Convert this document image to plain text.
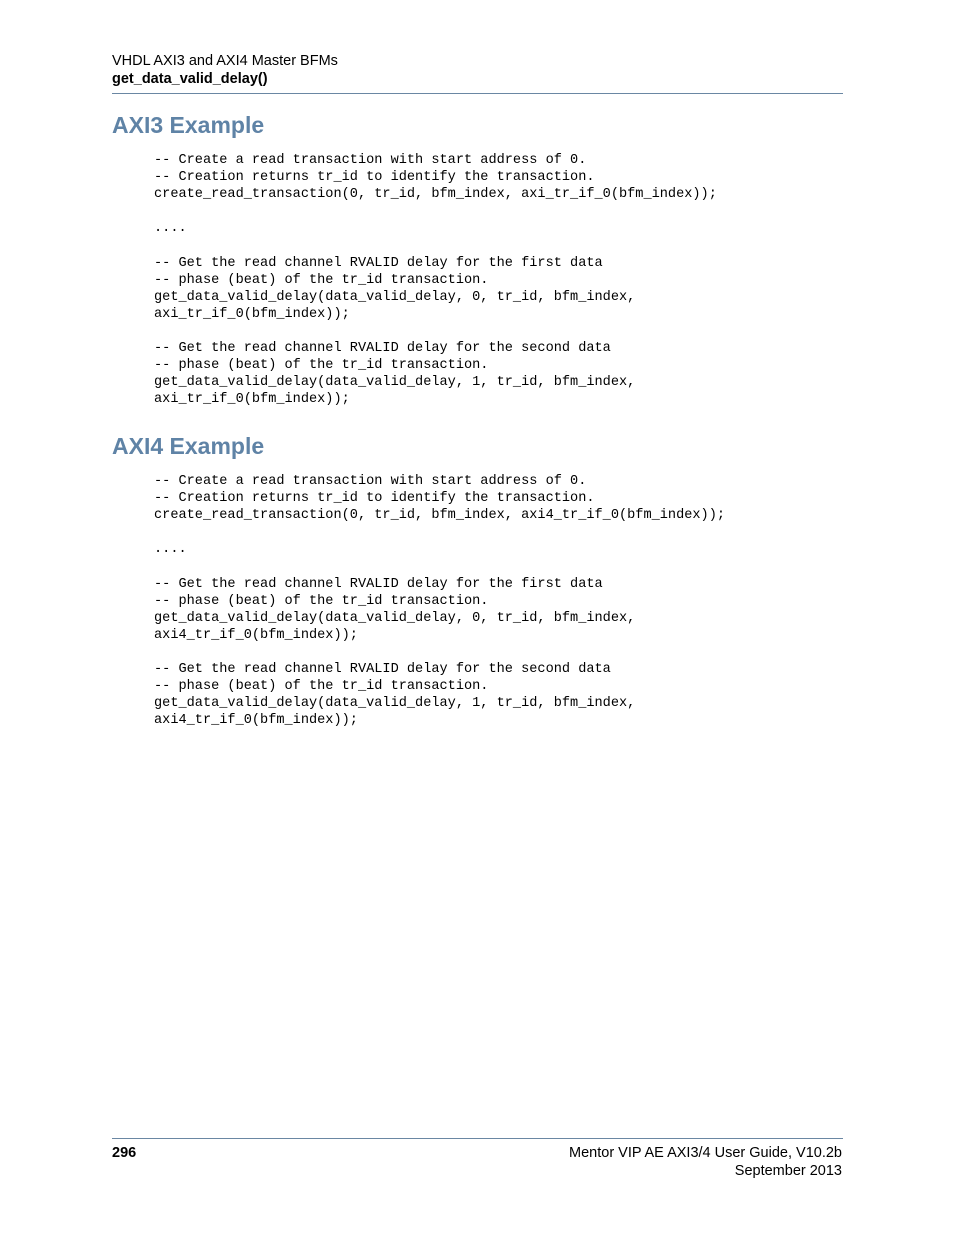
VHDL AXI3 and AXI4 Master BFMs
get_data_valid_delay()
AXI3 Example
-- Create a read transaction with start address of 0.
-- Creation returns tr_id to identify the transaction.
create_read_transaction(0, tr_id, bfm_index, axi_tr_if_0(bfm_index));

....

-- Get the read channel RVALID delay for the first data
-- phase (beat) of the tr_id transaction.
get_data_valid_delay(data_valid_delay, 0, tr_id, bfm_index,
axi_tr_if_0(bfm_index));

-- Get the read channel RVALID delay for the second data
-- phase (beat) of the tr_id transaction.
get_data_valid_delay(data_valid_delay, 1, tr_id, bfm_index,
axi_tr_if_0(bfm_index));
AXI4 Example
-- Create a read transaction with start address of 0.
-- Creation returns tr_id to identify the transaction.
create_read_transaction(0, tr_id, bfm_index, axi4_tr_if_0(bfm_index));

....

-- Get the read channel RVALID delay for the first data
-- phase (beat) of the tr_id transaction.
get_data_valid_delay(data_valid_delay, 0, tr_id, bfm_index,
axi4_tr_if_0(bfm_index));

-- Get the read channel RVALID delay for the second data
-- phase (beat) of the tr_id transaction.
get_data_valid_delay(data_valid_delay, 1, tr_id, bfm_index,
axi4_tr_if_0(bfm_index));
296	Mentor VIP AE AXI3/4 User Guide, V10.2b
September 2013
